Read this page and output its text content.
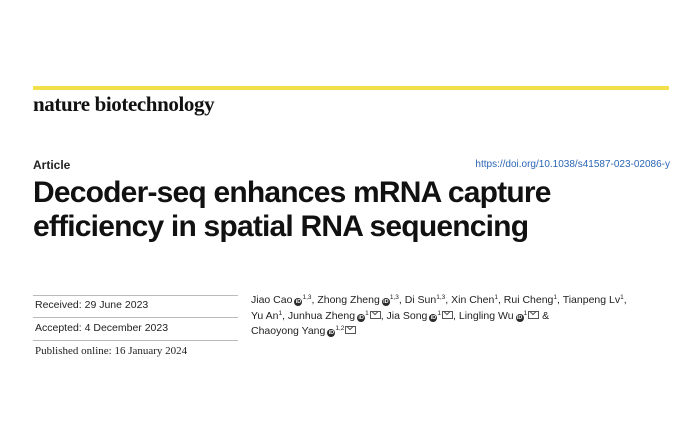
nature biotechnology
Article	https://doi.org/10.1038/s41587-023-02086-y
Decoder-seq enhances mRNA capture
efficiency in spatial RNA sequencing
Received: 29 June 2023
Accepted: 4 December 2023
Published online: 16 January 2024
Jiao Cao iD$^{1,3}$, Zhong Zheng iD$^{1,3}$, Di Sun$^{1,3}$, Xin Chen$^1$, Rui Cheng$^1$, Tianpeng Lv$^1$,
Yu An$^1$, Junhua Zheng $iD^1$ , Jia Song $iD^1$ , Lingling Wu $iD^1$ &
Chaoyong Yang iD$^{1,2}$
